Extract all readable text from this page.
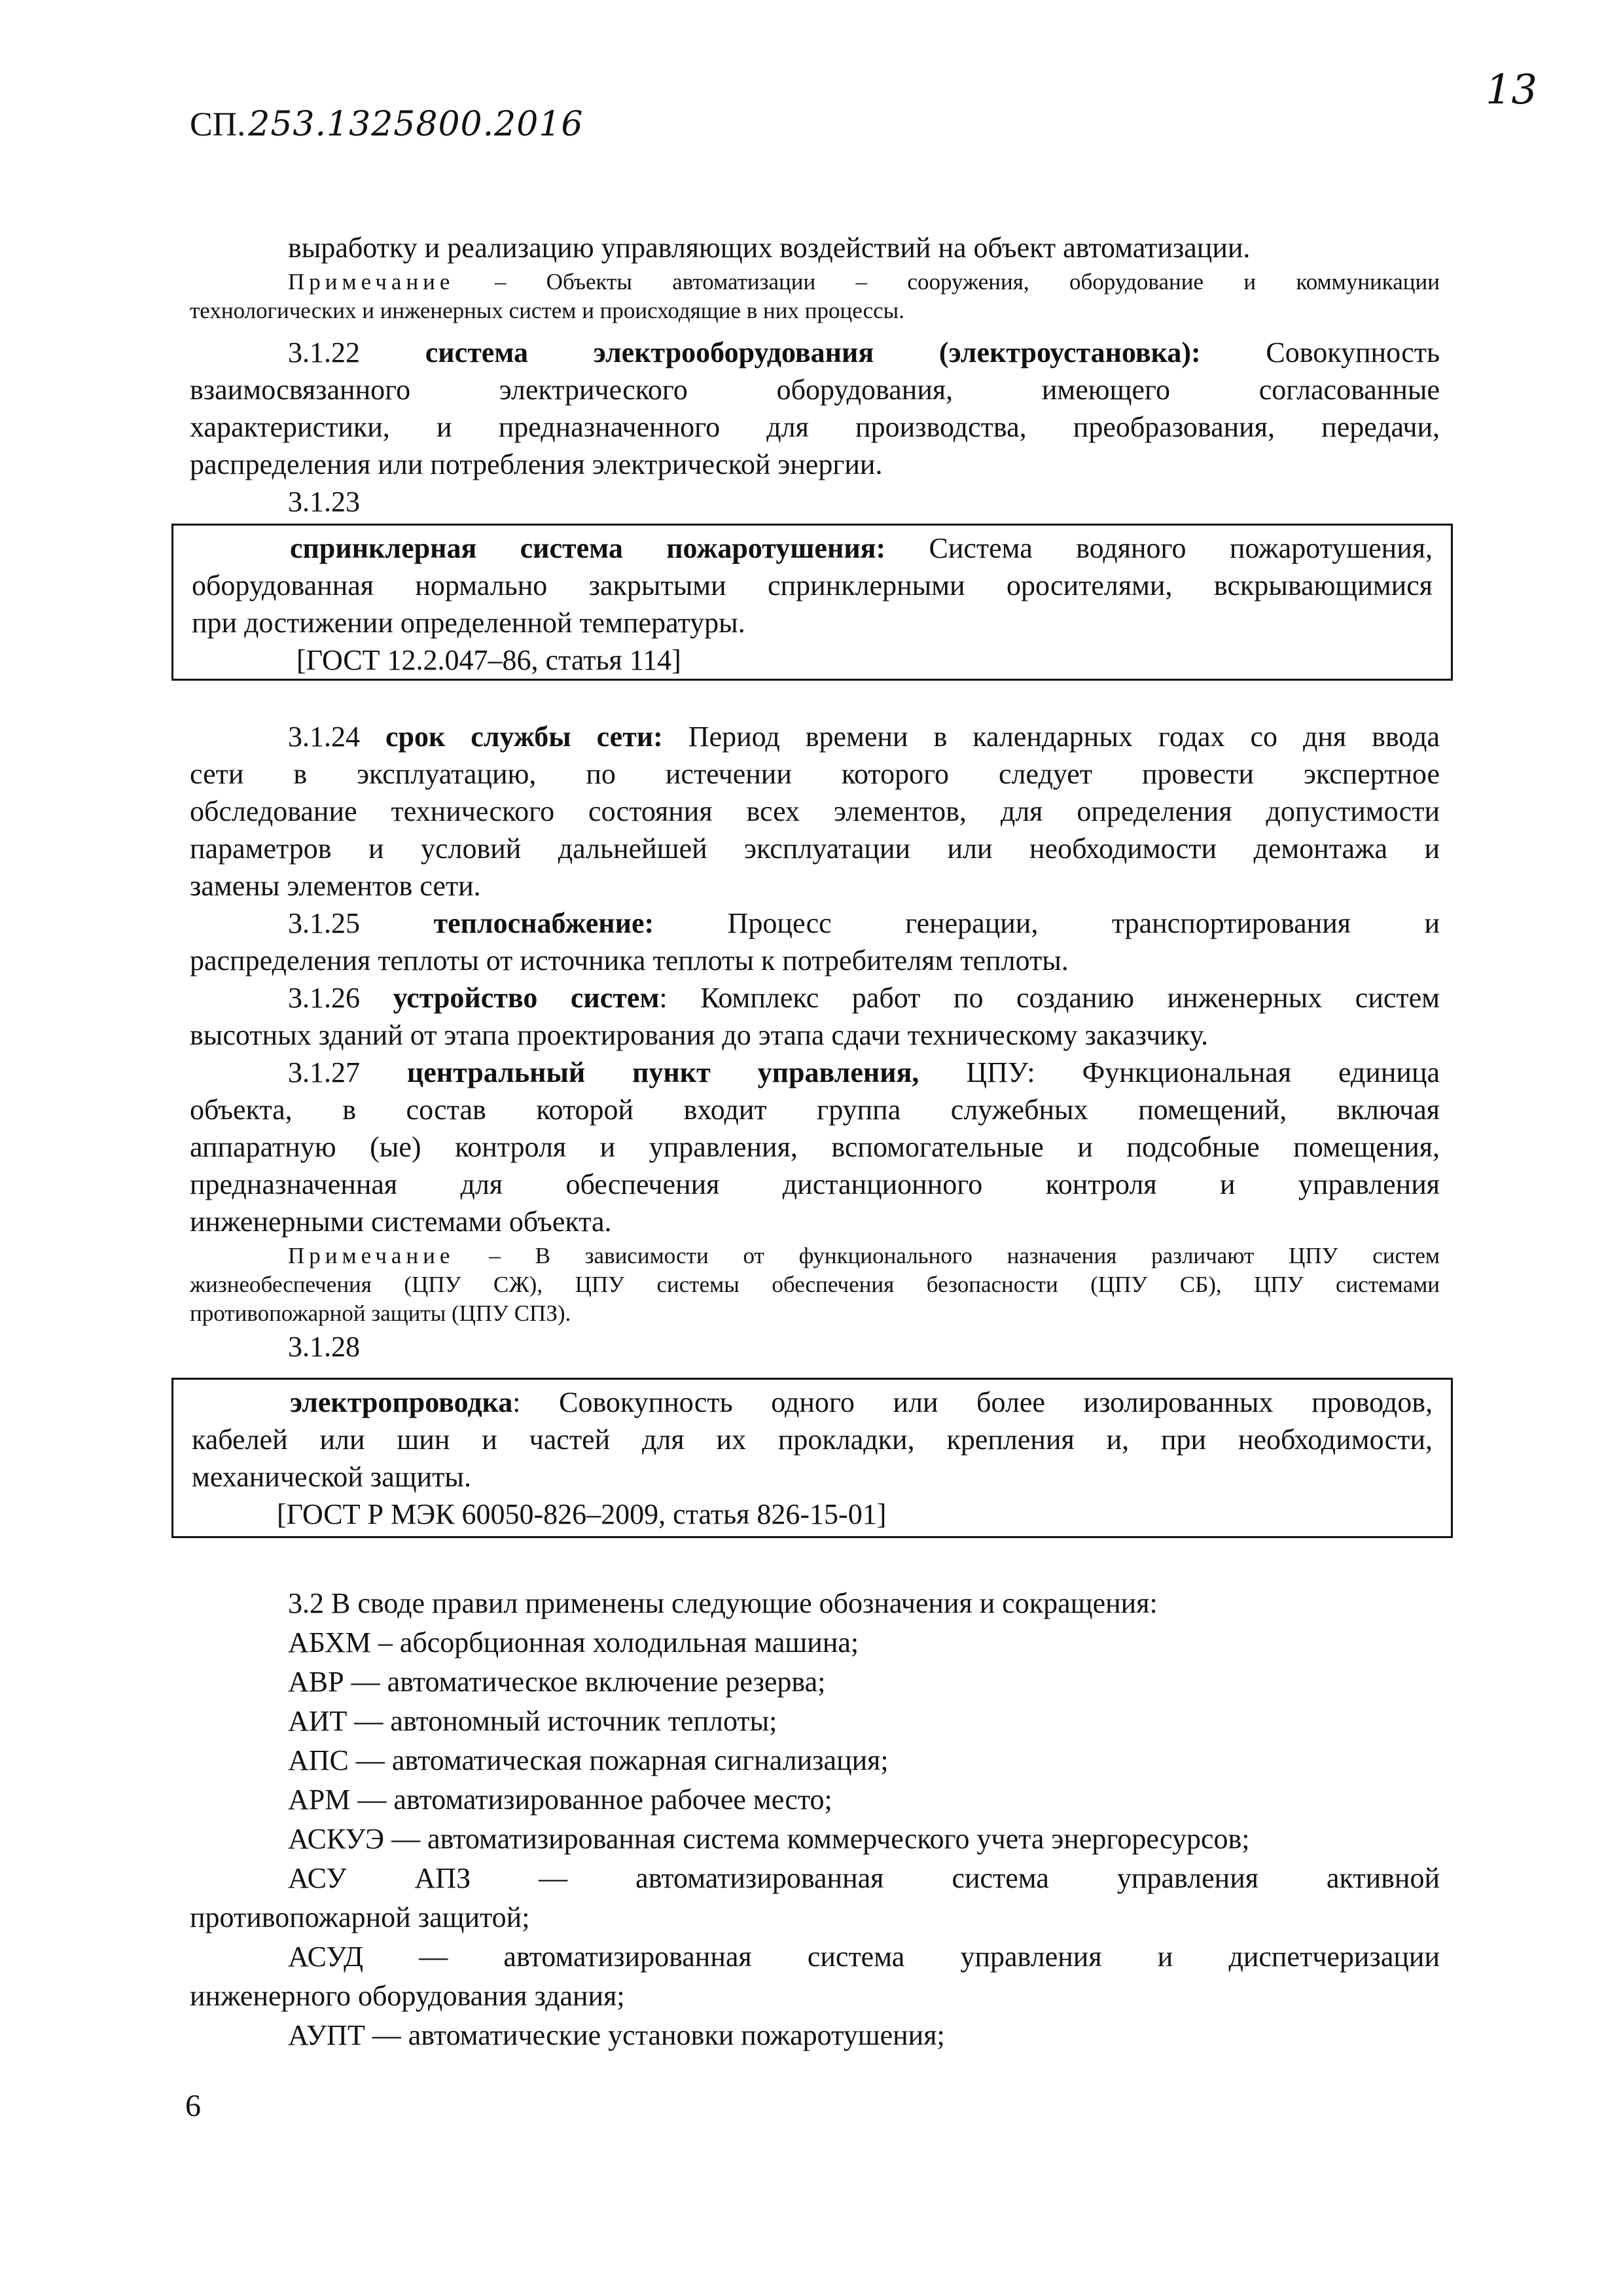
СП.253.1325800.2016
13

выработку и реализацию управляющих воздействий на объект автоматизации.

Примечание – Объекты автоматизации – сооружения, оборудование и коммуникации

технологических и инженерных систем и происходящие в них процессы.

3.1.22 система электрооборудования (электроустановка): Совокупность

взаимосвязанного электрического оборудования, имеющего согласованные

характеристики, и предназначенного для производства, преобразования, передачи,

распределения или потребления электрической энергии.

3.1.23

спринклерная система пожаротушения: Система водяного пожаротушения,

оборудованная нормально закрытыми спринклерными оросителями, вскрывающимися

при достижении определенной температуры.

[ГОСТ 12.2.047–86, статья 114]

3.1.24 срок службы сети: Период времени в календарных годах со дня ввода

сети в эксплуатацию, по истечении которого следует провести экспертное

обследование технического состояния всех элементов, для определения допустимости

параметров и условий дальнейшей эксплуатации или необходимости демонтажа и

замены элементов сети.

3.1.25	теплоснабжение:	Процесс генерации, транспортирования и

распределения теплоты от источника теплоты к потребителям теплоты.

3.1.26 устройство систем: Комплекс работ по созданию инженерных систем

высотных зданий от этапа проектирования до этапа сдачи техническому заказчику.

3.1.27 центральный пункт управления, ЦПУ: Функциональная единица

объекта, в состав которой входит группа служебных помещений, включая

аппаратную (ые) контроля и управления, вспомогательные и подсобные помещения,

предназначенная для обеспечения дистанционного контроля и управления

инженерными системами объекта.

Примечание – В зависимости от функционального назначения различают ЦПУ систем

жизнеобеспечения (ЦПУ СЖ), ЦПУ системы обеспечения безопасности (ЦПУ СБ), ЦПУ системами

противопожарной защиты (ЦПУ СПЗ).

3.1.28

электропроводка: Совокупность одного или более изолированных проводов,

кабелей или шин и частей для их прокладки, крепления и, при необходимости,

механической защиты.

[ГОСТ Р МЭК 60050-826–2009, статья 826-15-01]

3.2 В своде правил применены следующие обозначения и сокращения:

АБХМ – абсорбционная холодильная машина;

АВР — автоматическое включение резерва;

АИТ — автономный источник теплоты;

АПС — автоматическая пожарная сигнализация;

АРМ — автоматизированное рабочее место;

АСКУЭ — автоматизированная система коммерческого учета энергоресурсов;

АСУ АПЗ — автоматизированная система управления активной

противопожарной защитой;

АСУД — автоматизированная система управления и диспетчеризации

инженерного оборудования здания;

АУПТ — автоматические установки пожаротушения;

6
